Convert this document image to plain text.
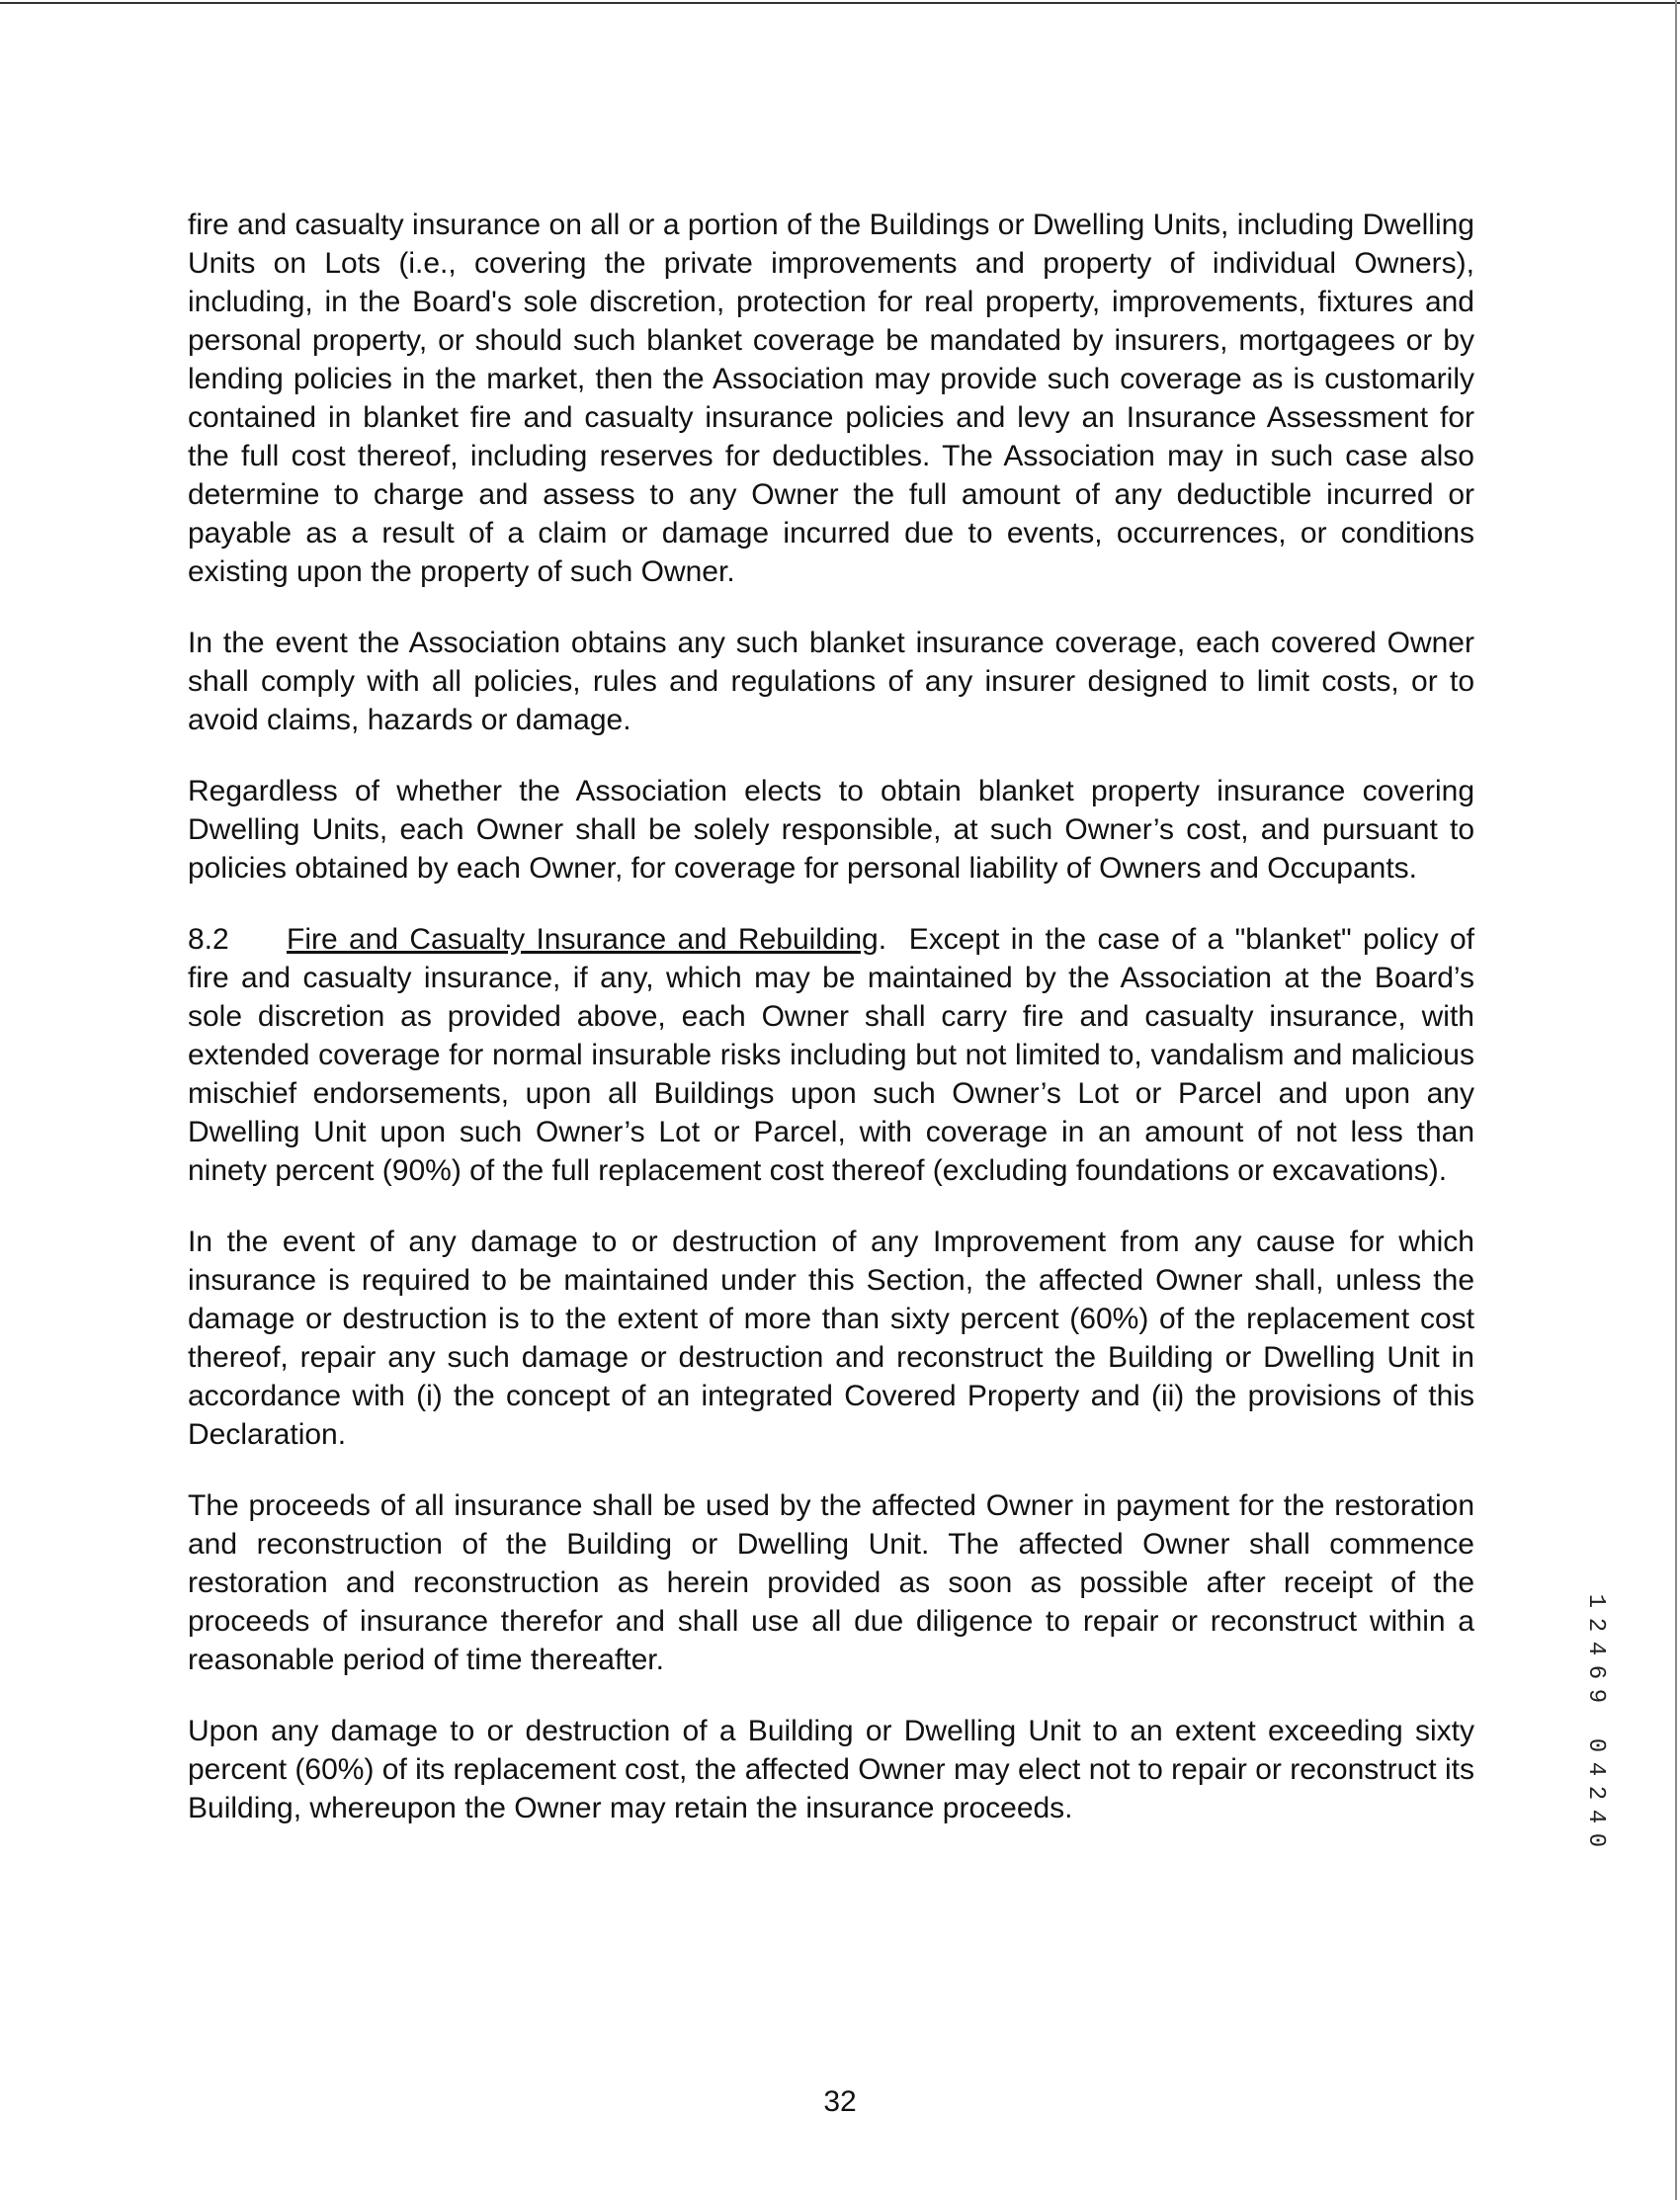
fire and casualty insurance on all or a portion of the Buildings or Dwelling Units, including Dwelling Units on Lots (i.e., covering the private improvements and property of individual Owners), including, in the Board's sole discretion, protection for real property, improvements, fixtures and personal property, or should such blanket coverage be mandated by insurers, mortgagees or by lending policies in the market, then the Association may provide such coverage as is customarily contained in blanket fire and casualty insurance policies and levy an Insurance Assessment for the full cost thereof, including reserves for deductibles. The Association may in such case also determine to charge and assess to any Owner the full amount of any deductible incurred or payable as a result of a claim or damage incurred due to events, occurrences, or conditions existing upon the property of such Owner.

In the event the Association obtains any such blanket insurance coverage, each covered Owner shall comply with all policies, rules and regulations of any insurer designed to limit costs, or to avoid claims, hazards or damage.

Regardless of whether the Association elects to obtain blanket property insurance covering Dwelling Units, each Owner shall be solely responsible, at such Owner’s cost, and pursuant to policies obtained by each Owner, for coverage for personal liability of Owners and Occupants.

8.2 Fire and Casualty Insurance and Rebuilding. Except in the case of a "blanket" policy of fire and casualty insurance, if any, which may be maintained by the Association at the Board’s sole discretion as provided above, each Owner shall carry fire and casualty insurance, with extended coverage for normal insurable risks including but not limited to, vandalism and malicious mischief endorsements, upon all Buildings upon such Owner’s Lot or Parcel and upon any Dwelling Unit upon such Owner’s Lot or Parcel, with coverage in an amount of not less than ninety percent (90%) of the full replacement cost thereof (excluding foundations or excavations).

In the event of any damage to or destruction of any Improvement from any cause for which insurance is required to be maintained under this Section, the affected Owner shall, unless the damage or destruction is to the extent of more than sixty percent (60%) of the replacement cost thereof, repair any such damage or destruction and reconstruct the Building or Dwelling Unit in accordance with (i) the concept of an integrated Covered Property and (ii) the provisions of this Declaration.

The proceeds of all insurance shall be used by the affected Owner in payment for the restoration and reconstruction of the Building or Dwelling Unit. The affected Owner shall commence restoration and reconstruction as herein provided as soon as possible after receipt of the proceeds of insurance therefor and shall use all due diligence to repair or reconstruct within a reasonable period of time thereafter.

Upon any damage to or destruction of a Building or Dwelling Unit to an extent exceeding sixty percent (60%) of its replacement cost, the affected Owner may elect not to repair or reconstruct its Building, whereupon the Owner may retain the insurance proceeds.

1
2
4
6
9
0
4
2
4
0
32
